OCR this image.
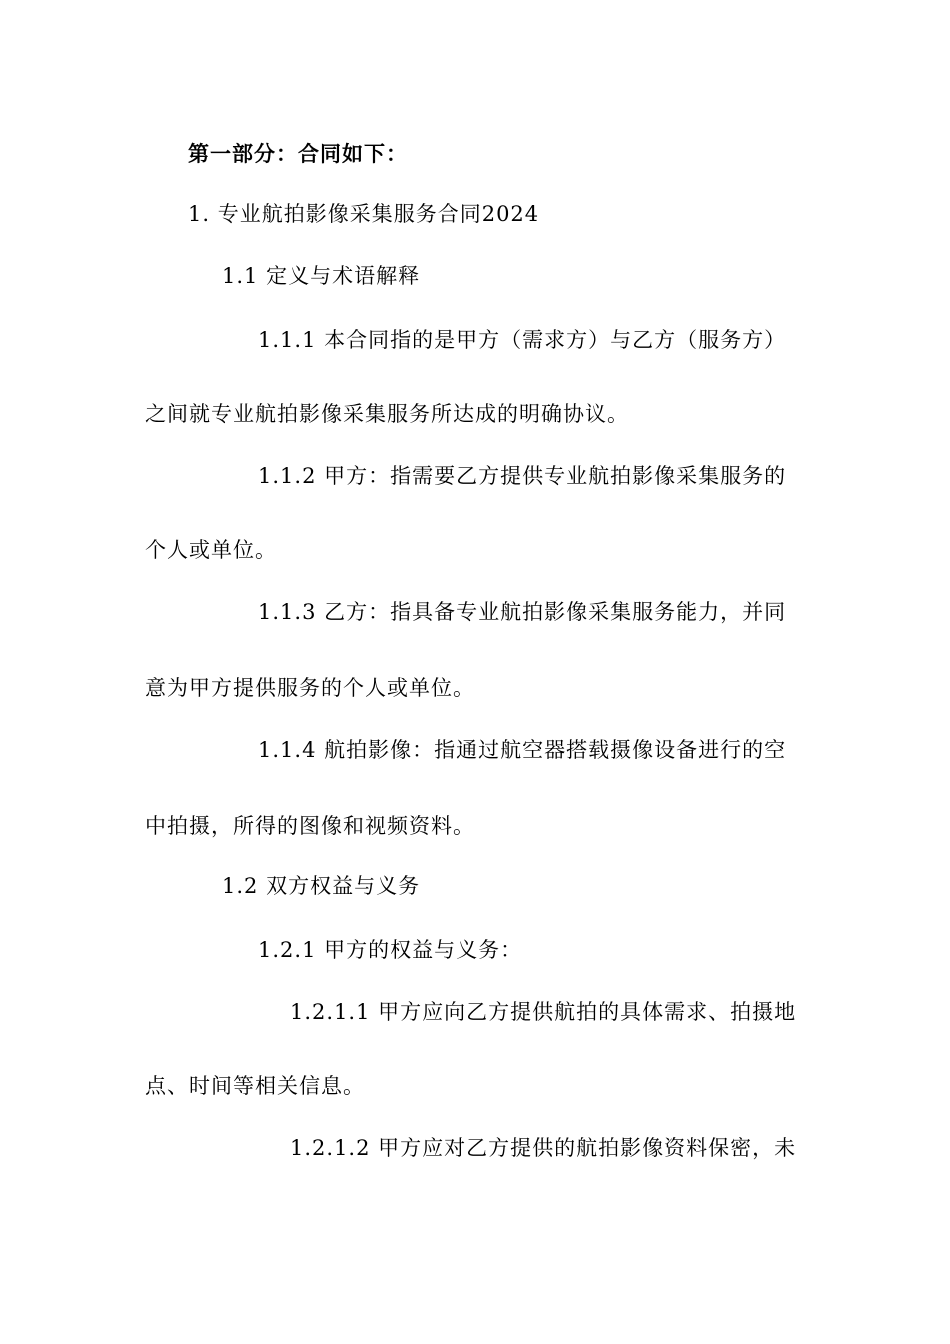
第一部分：合同如下：
1. 专业航拍影像采集服务合同2024
1.1 定义与术语解释
1.1.1 本合同指的是甲方（需求方）与乙方（服务方）
之间就专业航拍影像采集服务所达成的明确协议。
1.1.2 甲方：指需要乙方提供专业航拍影像采集服务的
个人或单位。
1.1.3 乙方：指具备专业航拍影像采集服务能力，并同
意为甲方提供服务的个人或单位。
1.1.4 航拍影像：指通过航空器搭载摄像设备进行的空
中拍摄，所得的图像和视频资料。
1.2 双方权益与义务
1.2.1 甲方的权益与义务：
1.2.1.1 甲方应向乙方提供航拍的具体需求、拍摄地
点、时间等相关信息。
1.2.1.2 甲方应对乙方提供的航拍影像资料保密，未
